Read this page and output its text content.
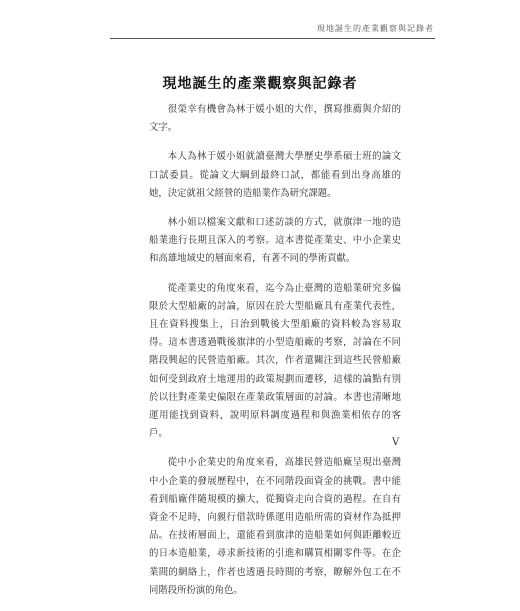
現地誕生的產業觀察與記錄者
現地誕生的產業觀察與記錄者

很榮幸有機會為林于媛小姐的大作，撰寫推薦與介紹的文字。

本人為林于媛小姐就讀臺灣大學歷史學系碩士班的論文口試委員。從論文大綱到最終口試，都能看到出身高雄的她，決定就祖父經營的造船業作為研究課題。

林小姐以檔案文獻和口述訪談的方式，就旗津一地的造船業進行長期且深入的考察。這本書從產業史、中小企業史和高雄地域史的層面來看，有著不同的學術貢獻。

從產業史的角度來看，迄今為止臺灣的造船業研究多偏限於大型船廠的討論，原因在於大型船廠具有產業代表性，且在資料搜集上，日治到戰後大型船廠的資料較為容易取得。這本書透過戰後旗津的小型造船廠的考察，討論在不同階段興起的民營造船廠。其次，作者還關注到這些民營船廠如何受到政府土地運用的政策規劃而遷移，這樣的論點有別於以往對產業史偏限在產業政策層面的討論。本書也清晰地運用能找到資料，說明原料調度過程和與漁業相依存的客戶。

從中小企業史的角度來看，高雄民營造船廠呈現出臺灣中小企業的發展歷程中，在不同階段面資金的挑戰。書中能看到船廠伴隨規模的擴大，從獨資走向合資的過程。在自有資金不足時，向親行借款時係運用造船所需的資材作為抵押品。在技術層面上，還能看到旗津的造船業如何與距離較近的日本造船業，尋求新技術的引進和購買相關零件等。在企業間的網絡上，作者也透過長時間的考察，瞭解外包工在不同階段所扮演的角色。

V
